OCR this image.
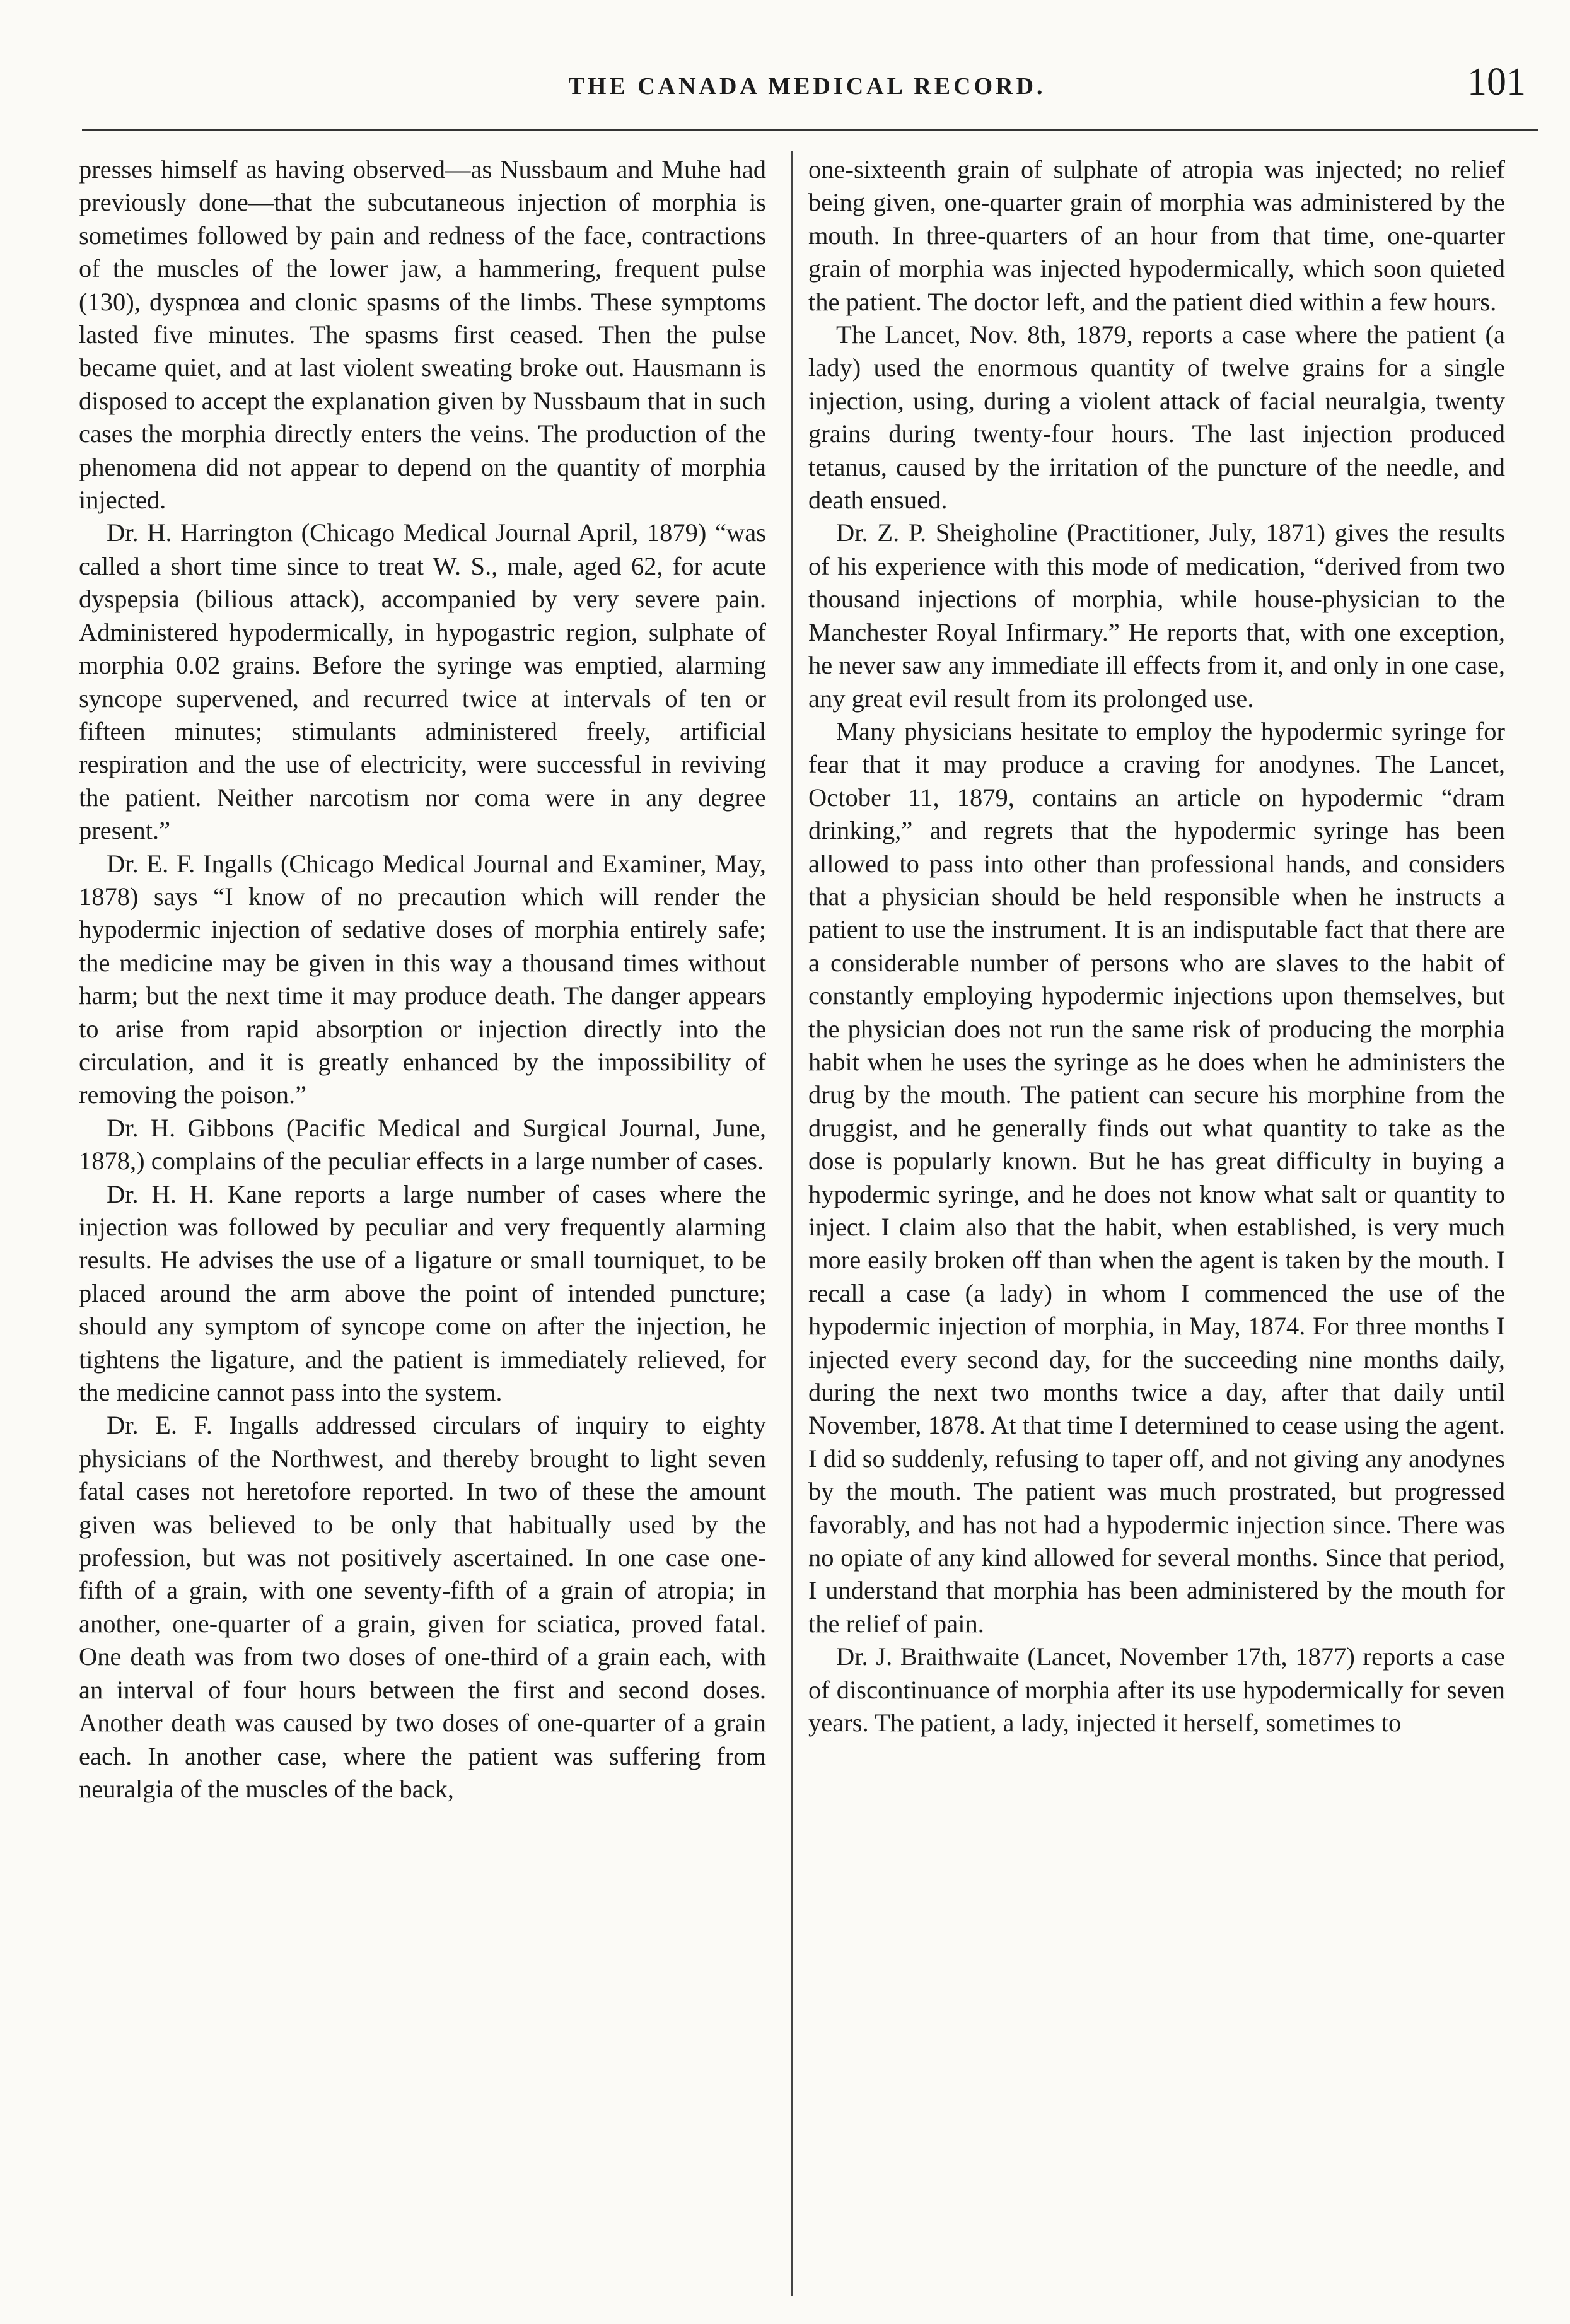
THE CANADA MEDICAL RECORD.	101

presses himself as having observed—as Nussbaum and Muhe had previously done—that the subcutaneous injection of morphia is sometimes followed by pain and redness of the face, contractions of the muscles of the lower jaw, a hammering, frequent pulse (130), dyspnœa and clonic spasms of the limbs. These symptoms lasted five minutes. The spasms first ceased. Then the pulse became quiet, and at last violent sweating broke out. Hausmann is disposed to accept the explanation given by Nussbaum that in such cases the morphia directly enters the veins. The production of the phenomena did not appear to depend on the quantity of morphia injected.

Dr. H. Harrington (Chicago Medical Journal April, 1879) “was called a short time since to treat W. S., male, aged 62, for acute dyspepsia (bilious attack), accompanied by very severe pain. Administered hypodermically, in hypogastric region, sulphate of morphia 0.02 grains. Before the syringe was emptied, alarming syncope supervened, and recurred twice at intervals of ten or fifteen minutes; stimulants administered freely, artificial respiration and the use of electricity, were successful in reviving the patient. Neither narcotism nor coma were in any degree present.”

Dr. E. F. Ingalls (Chicago Medical Journal and Examiner, May, 1878) says “I know of no precaution which will render the hypodermic injection of sedative doses of morphia entirely safe; the medicine may be given in this way a thousand times without harm; but the next time it may produce death. The danger appears to arise from rapid absorption or injection directly into the circulation, and it is greatly enhanced by the impossibility of removing the poison.”

Dr. H. Gibbons (Pacific Medical and Surgical Journal, June, 1878,) complains of the peculiar effects in a large number of cases.

Dr. H. H. Kane reports a large number of cases where the injection was followed by peculiar and very frequently alarming results. He advises the use of a ligature or small tourniquet, to be placed around the arm above the point of intended puncture; should any symptom of syncope come on after the injection, he tightens the ligature, and the patient is immediately relieved, for the medicine cannot pass into the system.

Dr. E. F. Ingalls addressed circulars of inquiry to eighty physicians of the Northwest, and thereby brought to light seven fatal cases not heretofore reported. In two of these the amount given was believed to be only that habitually used by the profession, but was not positively ascertained. In one case one-fifth of a grain, with one seventy-fifth of a grain of atropia; in another, one-quarter of a grain, given for sciatica, proved fatal. One death was from two doses of one-third of a grain each, with an interval of four hours between the first and second doses. Another death was caused by two doses of one-quarter of a grain each. In another case, where the patient was suffering from neuralgia of the muscles of the back,

one-sixteenth grain of sulphate of atropia was injected; no relief being given, one-quarter grain of morphia was administered by the mouth. In three-quarters of an hour from that time, one-quarter grain of morphia was injected hypodermically, which soon quieted the patient. The doctor left, and the patient died within a few hours.

The Lancet, Nov. 8th, 1879, reports a case where the patient (a lady) used the enormous quantity of twelve grains for a single injection, using, during a violent attack of facial neuralgia, twenty grains during twenty-four hours. The last injection produced tetanus, caused by the irritation of the puncture of the needle, and death ensued.

Dr. Z. P. Sheigholine (Practitioner, July, 1871) gives the results of his experience with this mode of medication, “derived from two thousand injections of morphia, while house-physician to the Manchester Royal Infirmary.” He reports that, with one exception, he never saw any immediate ill effects from it, and only in one case, any great evil result from its prolonged use.

Many physicians hesitate to employ the hypodermic syringe for fear that it may produce a craving for anodynes. The Lancet, October 11, 1879, contains an article on hypodermic “dram drinking,” and regrets that the hypodermic syringe has been allowed to pass into other than professional hands, and considers that a physician should be held responsible when he instructs a patient to use the instrument. It is an indisputable fact that there are a considerable number of persons who are slaves to the habit of constantly employing hypodermic injections upon themselves, but the physician does not run the same risk of producing the morphia habit when he uses the syringe as he does when he administers the drug by the mouth. The patient can secure his morphine from the druggist, and he generally finds out what quantity to take as the dose is popularly known. But he has great difficulty in buying a hypodermic syringe, and he does not know what salt or quantity to inject. I claim also that the habit, when established, is very much more easily broken off than when the agent is taken by the mouth. I recall a case (a lady) in whom I commenced the use of the hypodermic injection of morphia, in May, 1874. For three months I injected every second day, for the succeeding nine months daily, during the next two months twice a day, after that daily until November, 1878. At that time I determined to cease using the agent. I did so suddenly, refusing to taper off, and not giving any anodynes by the mouth. The patient was much prostrated, but progressed favorably, and has not had a hypodermic injection since. There was no opiate of any kind allowed for several months. Since that period, I understand that morphia has been administered by the mouth for the relief of pain.

Dr. J. Braithwaite (Lancet, November 17th, 1877) reports a case of discontinuance of morphia after its use hypodermically for seven years. The patient, a lady, injected it herself, sometimes to
